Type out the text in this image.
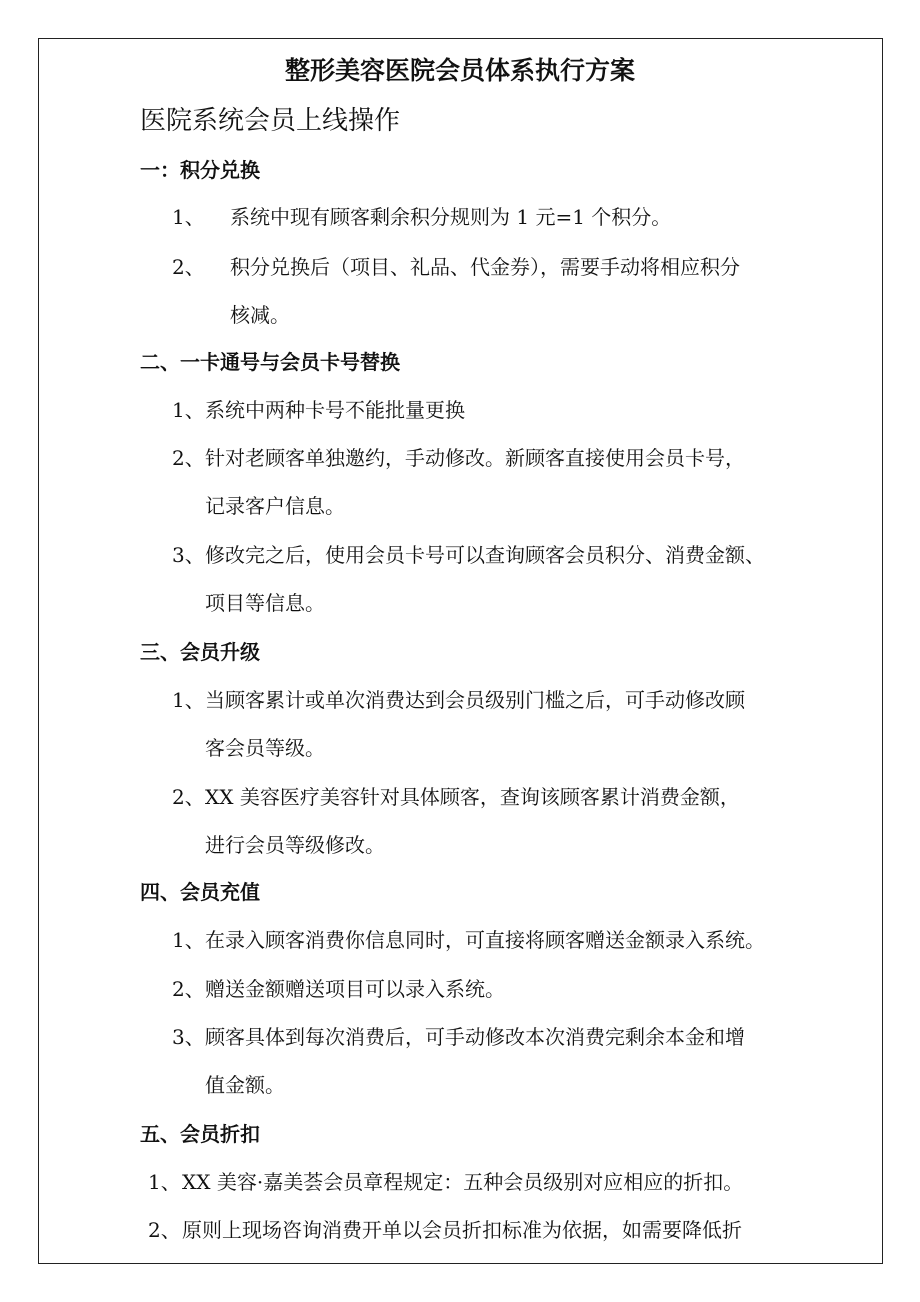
整形美容医院会员体系执行方案
医院系统会员上线操作
一：积分兑换
1、 系统中现有顾客剩余积分规则为 1 元=1 个积分。
2、 积分兑换后（项目、礼品、代金券），需要手动将相应积分
核减。
二、一卡通号与会员卡号替换
1、 系统中两种卡号不能批量更换
2、 针对老顾客单独邀约，手动修改。新顾客直接使用会员卡号，
记录客户信息。
3、 修改完之后，使用会员卡号可以查询顾客会员积分、消费金额、
项目等信息。
三、会员升级
1、 当顾客累计或单次消费达到会员级别门槛之后，可手动修改顾
客会员等级。
2、 XX 美容医疗美容针对具体顾客，查询该顾客累计消费金额，
进行会员等级修改。
四、会员充值
1、 在录入顾客消费你信息同时，可直接将顾客赠送金额录入系统。
2、 赠送金额赠送项目可以录入系统。
3、 顾客具体到每次消费后，可手动修改本次消费完剩余本金和增
值金额。
五、会员折扣
1、 XX 美容·嘉美荟会员章程规定：五种会员级别对应相应的折扣。
2、 原则上现场咨询消费开单以会员折扣标准为依据，如需要降低折
